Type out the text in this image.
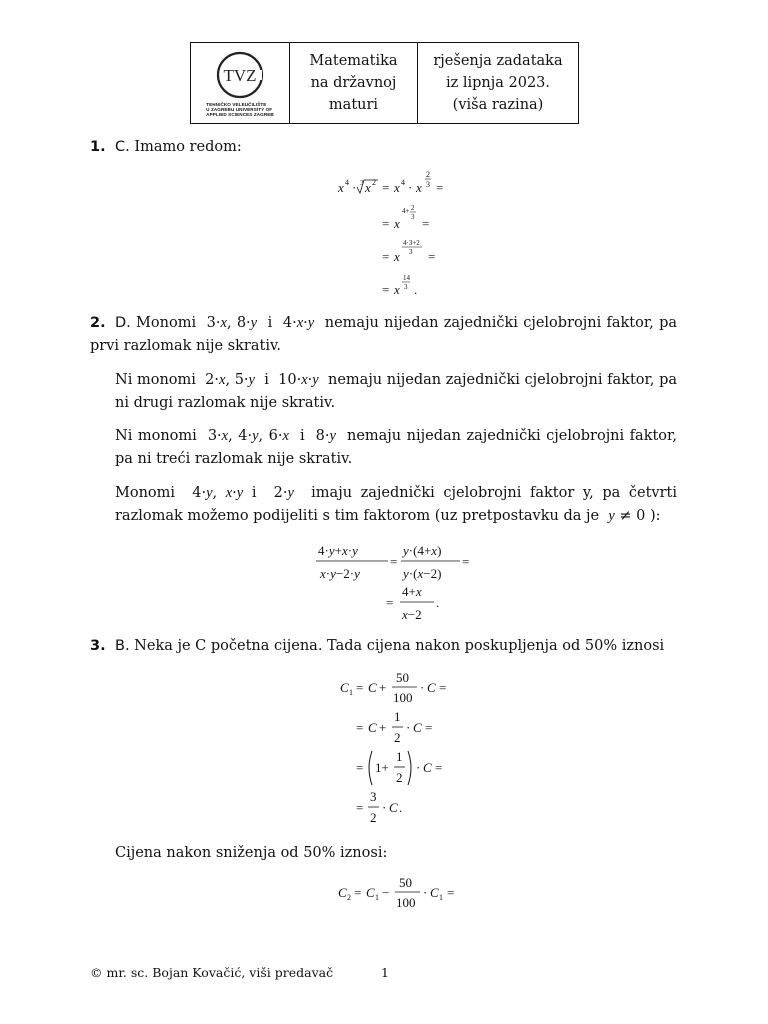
TVZ
TEHNIČKO VELEUČILIŠTE
U ZAGREBU UNIVERSITY OF
APPLIED SCIENCES ZAGREB
Matematika
na državnoj
maturi
rješenja zadataka
iz lipnja 2023.
(viša razina)
1. C. Imamo redom:
x 4 · 3 x 2 = x 4 · x
2
3 =
= x
4+ 2
3 =
= x
4·3+2
3 =
= x
14
3 .
2. D. Monomi  3·x, 8·y  i  4·x·y nemaju nijedan zajednički cjelobrojni faktor, pa prvi razlomak nije skrativ.
Ni monomi  2·x, 5·y  i  10·x·y nemaju nijedan zajednički cjelobrojni faktor, pa ni drugi razlomak nije skrativ.
Ni monomi  3·x, 4·y, 6·x  i  8·y nemaju nijedan zajednički cjelobrojni faktor, pa ni treći razlomak nije skrativ.
Monomi  4·y, x·y i  2·y imaju zajednički cjelobrojni faktor y, pa četvrti razlomak možemo podijeliti s tim faktorom (uz pretpostavku da je y ≠ 0 ):
4·y+x·y
x·y−2·y
=
y·(4+x)
y·(x−2)
=
=
4+x
x−2
.
3. B. Neka je C početna cijena. Tada cijena nakon poskupljenja od 50% iznosi
C 1 = C +
50
100
· C =
= C +
1
2
· C =
= 1+
1
2
· C =
=
3
2
· C .
Cijena nakon sniženja od 50% iznosi:
C 2 = C 1 −
50
100
· C 1 =
© mr. sc. Bojan Kovačić, viši predavač	1
